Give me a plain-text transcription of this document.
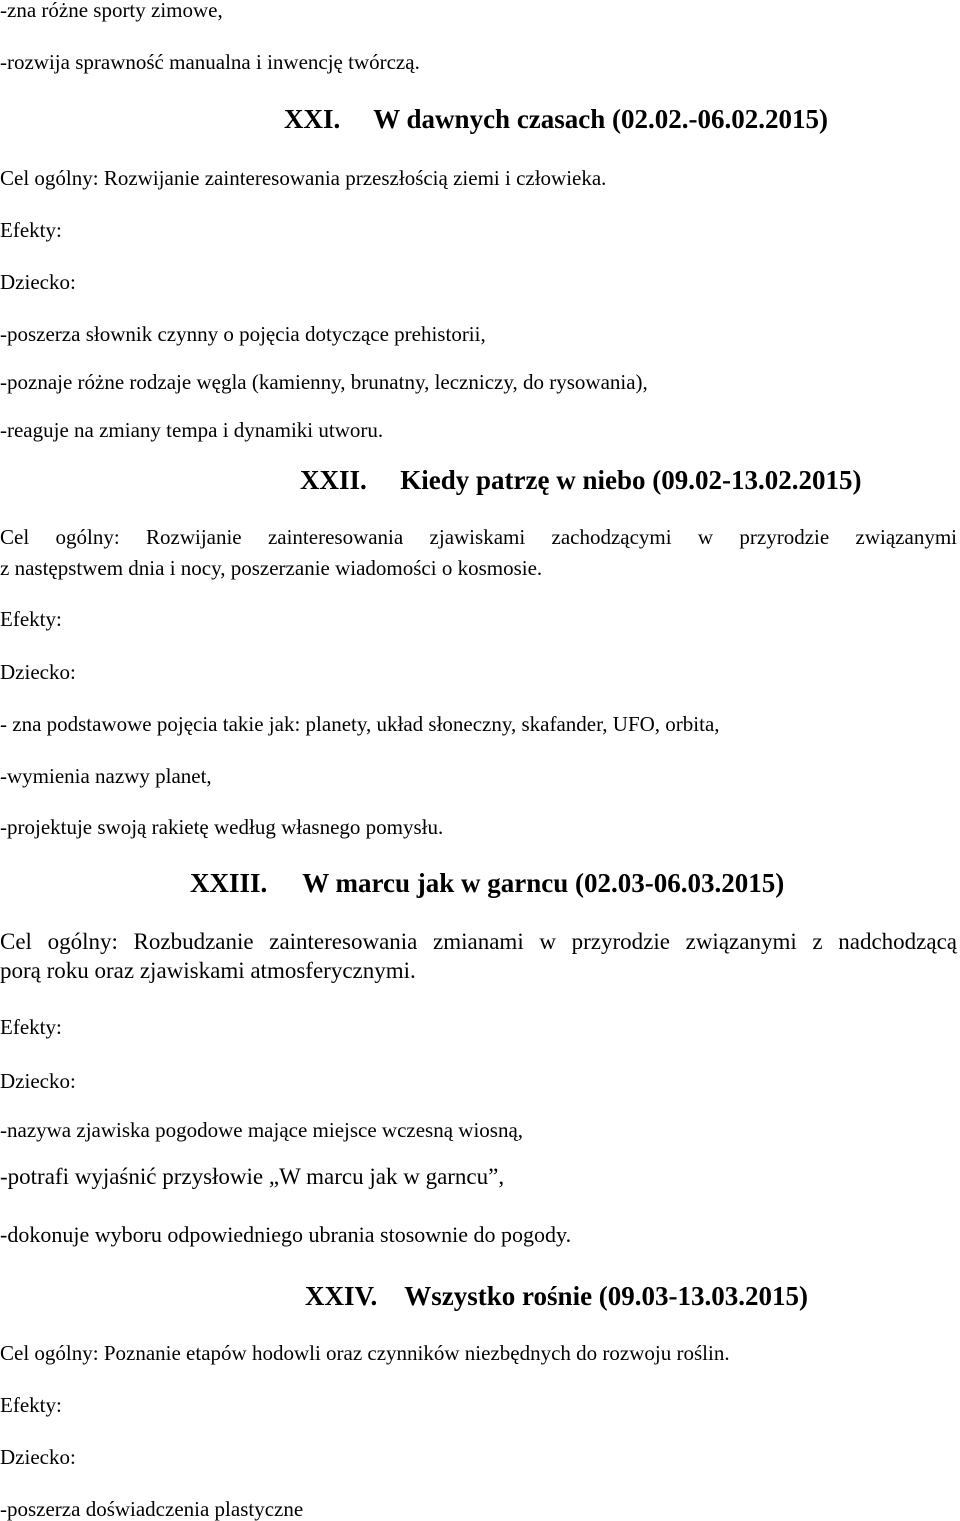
-zna różne sporty zimowe,
-rozwija sprawność manualna i inwencję twórczą.
XXI. W dawnych czasach (02.02.-06.02.2015)
Cel ogólny: Rozwijanie zainteresowania przeszłością ziemi i człowieka.
Efekty:
Dziecko:
-poszerza słownik czynny o pojęcia dotyczące prehistorii,
-poznaje różne rodzaje węgla (kamienny, brunatny, leczniczy, do rysowania),
-reaguje na zmiany tempa i dynamiki utworu.
XXII. Kiedy patrzę w niebo (09.02-13.02.2015)
Cel ogólny: Rozwijanie zainteresowania zjawiskami zachodzącymi w przyrodzie związanymi
z następstwem dnia i nocy, poszerzanie wiadomości o kosmosie.
Efekty:
Dziecko:
- zna podstawowe pojęcia takie jak: planety, układ słoneczny, skafander, UFO, orbita,
-wymienia nazwy planet,
-projektuje swoją rakietę według własnego pomysłu.
XXIII. W marcu jak w garncu (02.03-06.03.2015)
Cel ogólny: Rozbudzanie zainteresowania zmianami w przyrodzie związanymi z nadchodzącą
porą roku oraz zjawiskami atmosferycznymi.
Efekty:
Dziecko:
-nazywa zjawiska pogodowe mające miejsce wczesną wiosną,
-potrafi wyjaśnić przysłowie „W marcu jak w garncu”,
-dokonuje wyboru odpowiedniego ubrania stosownie do pogody.
XXIV. Wszystko rośnie (09.03-13.03.2015)
Cel ogólny: Poznanie etapów hodowli oraz czynników niezbędnych do rozwoju roślin.
Efekty:
Dziecko:
-poszerza doświadczenia plastyczne
